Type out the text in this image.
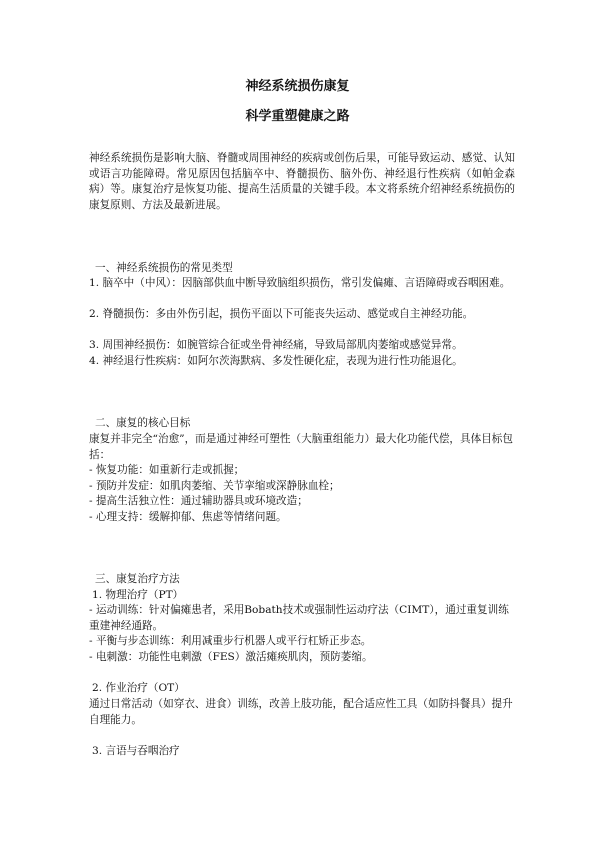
神经系统损伤康复
科学重塑健康之路

神经系统损伤是影响大脑、脊髓或周围神经的疾病或创伤后果，可能导致运动、感觉、认知或语言功能障碍。常见原因包括脑卒中、脊髓损伤、脑外伤、神经退行性疾病（如帕金森病）等。康复治疗是恢复功能、提高生活质量的关键手段。本文将系统介绍神经系统损伤的康复原则、方法及最新进展。

一、神经系统损伤的常见类型

1. 脑卒中（中风）：因脑部供血中断导致脑组织损伤，常引发偏瘫、言语障碍或吞咽困难。

2. 脊髓损伤：多由外伤引起，损伤平面以下可能丧失运动、感觉或自主神经功能。

3. 周围神经损伤：如腕管综合征或坐骨神经痛，导致局部肌肉萎缩或感觉异常。

4. 神经退行性疾病：如阿尔茨海默病、多发性硬化症，表现为进行性功能退化。

二、康复的核心目标

康复并非完全“治愈”，而是通过神经可塑性（大脑重组能力）最大化功能代偿，具体目标包括：

- 恢复功能：如重新行走或抓握；

- 预防并发症：如肌肉萎缩、关节挛缩或深静脉血栓；

- 提高生活独立性：通过辅助器具或环境改造；

- 心理支持：缓解抑郁、焦虑等情绪问题。

三、康复治疗方法

1. 物理治疗（PT）

- 运动训练：针对偏瘫患者，采用Bobath技术或强制性运动疗法（CIMT），通过重复训练重建神经通路。

- 平衡与步态训练：利用减重步行机器人或平行杠矫正步态。

- 电刺激：功能性电刺激（FES）激活瘫痪肌肉，预防萎缩。

2. 作业治疗（OT）

通过日常活动（如穿衣、进食）训练，改善上肢功能，配合适应性工具（如防抖餐具）提升自理能力。

3. 言语与吞咽治疗
